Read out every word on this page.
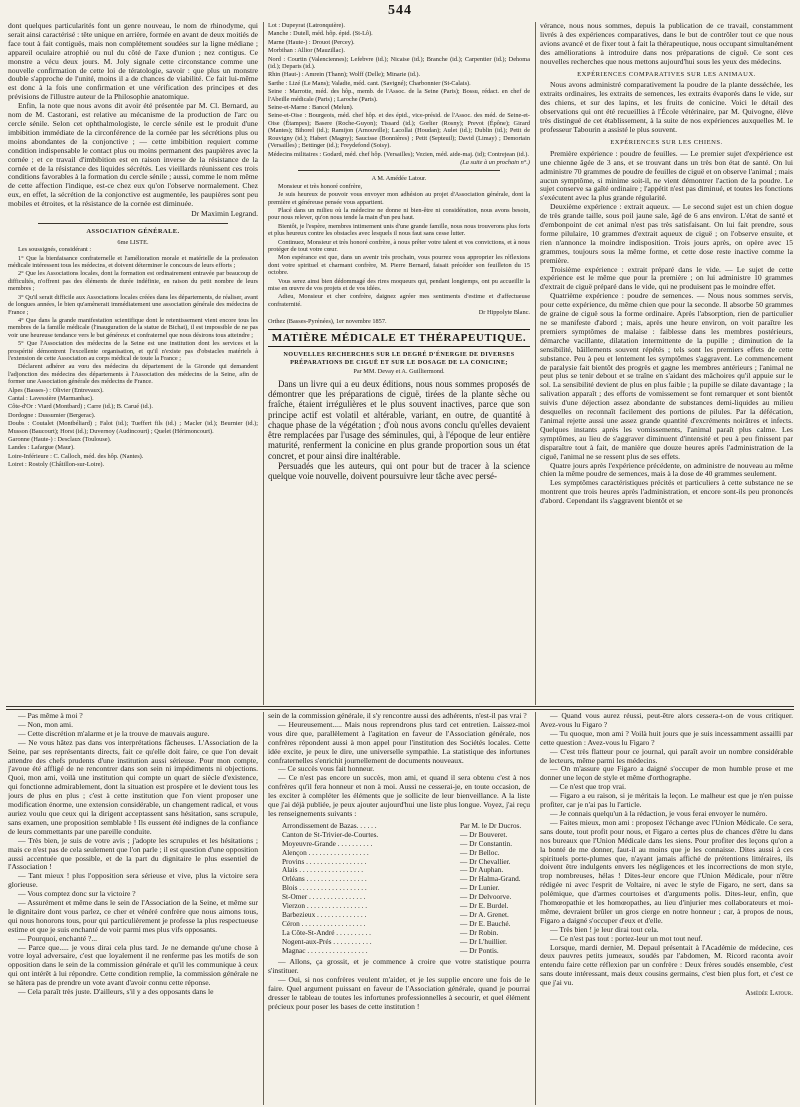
544

dont quelques particularités font un genre nouveau, le nom de rhinodyme, qui serait ainsi caractérisé : tête unique en arrière, formée en avant de deux moitiés de face tout à fait contiguës, mais non complétement soudées sur la ligne médiane ; appareil oculaire atrophié ou nul du côté de l'axe d'union ; nez contigus. Ce monstre a vécu deux jours. M. Joly signale cette circonstance comme une nouvelle confirmation de cette loi de tératologie, savoir : que plus un monstre double s'approche de l'unité, moins il a de chances de viabilité. Ce fait lui-même est donc à la fois une confirmation et une vérification des principes et des prévisions de l'illustre auteur de la Philosophie anatomique.

Enfin, la note que nous avons dit avoir été présentée par M. Cl. Bernard, au nom de M. Castorani, est relative au mécanisme de la production de l'arc ou cercle sénile. Selon cet ophthalmologiste, le cercle sénile est le produit d'une imbibition immédiate de la circonférence de la cornée par les sécrétions plus ou moins abondantes de la conjonctive ; — cette imbibition requiert comme condition indispensable le contact plus ou moins permanent des paupières avec la cornée ; et ce travail d'imbibition est en raison inverse de la résistance de la cornée et de la résistance des liquides sécrétés. Les vieillards réunissent ces trois conditions favorables à la formation du cercle sénile ; aussi, comme le nom même de cette affection l'indique, est-ce chez eux qu'on l'observe normalement. Chez eux, en effet, la sécrétion de la conjonctive est augmentée, les paupières sont peu mobiles et étroites, et la résistance de la cornée est diminuée.

Dr Maximin Legrand.

ASSOCIATION GÉNÉRALE.

6me LISTE.

Les soussignés, considérant :

1° Que la bienfaisance confraternelle et l'amélioration morale et matérielle de la profession médicale intéressent tous les médecins, et doivent déterminer le concours de leurs efforts ;

2° Que les Associations locales, dont la formation est ordinairement entravée par beaucoup de difficultés, n'offrent pas des éléments de durée indéfinie, en raison du petit nombre de leurs membres ;

3° Qu'il serait difficile aux Associations locales créées dans les départements, de réaliser, avant de longues années, le bien qu'amènerait immédiatement une association générale des médecins de France ;

4° Que dans la grande manifestation scientifique dont le retentissement vient encore tous les membres de la famille médicale (l'inauguration de la statue de Bichat), il est impossible de ne pas voir une heureuse tendance vers le but généreux et confraternel que nous désirons tous atteindre ;

5° Que l'Association des médecins de la Seine est une institution dont les services et la prospérité démontrent l'excellente organisation, et qu'il n'existe pas d'obstacles matériels à l'extension de cette Association au corps médical de toute la France ;

Déclarent adhérer au vœu des médecins du département de la Gironde qui demandent l'adjonction des médecins des départements à l'Association des médecins de la Seine, afin de former une Association générale des médecins de France.

Alpes (Basses-) : Olivier (Entrevaux).

Cantal : Lavessière (Marmanhac).

Côte-d'Or : Viard (Montbard) ; Carre (id.); B. Carué (id.).

Dordogne : Dussumier (Bergerac).

Doubs : Coutalet (Montbéliard) ; Falot (id.); Tueffert fils (id.) ; Macler (id.); Beurnier (id.); Musson (Baucourt); Horst (id.); Duvernoy (Audincourt) ; Quelet (Hérimoncourt).

Garonne (Haute-) : Desclaux (Toulouse).

Landes : Lafargue (Maur).

Loire-Inférieure : C. Calloch, méd. des hôp. (Nantes).

Loiret : Rostoly (Châtillon-sur-Loire).

Lot : Dupeyrat (Latronquière).

Manche : Dutell, méd. hôp. épid. (St-Lô).

Marne (Haute-) : Drouot (Percey).

Morbihan : Allior (Mauzillac).

Nord : Courtin (Valenciennes); Lefebvre (id.); Nicaise (id.); Branche (id.); Carpentier (id.); Dehoma (id.); Deparis (id.).

Rhin (Haut-) : Amrein (Thann); Wolff (Delle); Minarie (id.).

Sarthe : Lizé (Le Mans); Valadie, méd. cant. (Savigné); Charbonnier (St-Calais).

Seine : Marrotte, méd. des hôp., memb. de l'Assoc. de la Seine (Paris); Bossu, rédact. en chef de l'Abeille médicale (Paris) ; Laroche (Paris).

Seine-et-Marne : Bancel (Melun).

Seine-et-Oise : Bourgeois, méd. chef hôp. et des épid., vice-présid. de l'Assoc. des méd. de Seine-et-Oise (Étampes); Basere (Roche-Guyon); Tissard (id.); Gorlier (Rosny); Prevot (Épône); Girard (Mantes); Bihorel (id.); Ramijon (Arnouville); Lacollai (Houdan); Aulet (id.); Dublin (id.); Petit de Rouvigny (id.); Habert (Magny); Saucisse (Bonnières) ; Petit (Septeuil); David (Limay) ; Demortain (Versailles) ; Bettinger (id.); Freydefond (Soisy).

Médecins militaires : Godard, méd. chef hôp. (Versailles); Vezien, méd. aide-maj. (id); Contrejean (id.).

(La suite à un prochain n°.)

A M. Amédée Latour.

Monsieur et très honoré confrère,

Je suis heureux de pouvoir vous envoyer mon adhésion au projet d'Association générale, dont la première et généreuse pensée vous appartient.

Placé dans un milieu où la médecine ne donne ni bien-être ni considération, nous avons besoin, pour nous relever, qu'on nous tende la main d'un peu haut.

Bientôt, je l'espère, membres intimement unis d'une grande famille, nous nous trouverons plus forts et plus heureux contre les obstacles avec lesquels il nous faut sans cesse lutter.

Continuez, Monsieur et très honoré confrère, à nous prêter votre talent et vos convictions, et à nous protéger de tout votre cœur.

Mon espérance est que, dans un avenir très prochain, vous pourrez vous approprier les réflexions dont votre spirituel et charmant confrère, M. Pierre Bernard, faisait précéder son feuilleton du 15 octobre.

Vous serez ainsi bien dédommagé des rires moqueurs qui, pendant longtemps, ont pu accueillir la mise en œuvre de vos projets et de vos idées.

Adieu, Monsieur et cher confrère, daignez agréer mes sentiments d'estime et d'affectueuse confraternité.

Dr Hippolyte Blanc.

Orthez (Basses-Pyrénées), 1er novembre 1857.

MATIÈRE MÉDICALE ET THÉRAPEUTIQUE.

NOUVELLES RECHERCHES SUR LE DEGRÉ D'ÉNERGIE DE DIVERSES PRÉPARATIONS DE CIGUË ET SUR LE DOSAGE DE LA CONICINE;

Par MM. Devay et A. Guilliermond.

Dans un livre qui a eu deux éditions, nous nous sommes proposés de démontrer que les préparations de ciguë, tirées de la plante sèche ou fraîche, étaient irrégulières et le plus souvent inactives, parce que son principe actif est volatil et altérable, variant, en outre, de quantité à chaque phase de la végétation ; d'où nous avons conclu qu'elles devaient être remplacées par l'usage des séminules, qui, à l'époque de leur entière maturité, renferment la conicine en plus grande proportion sous un état concret, et pour ainsi dire inaltérable.

Persuadés que les auteurs, qui ont pour but de tracer à la science quelque voie nouvelle, doivent poursuivre leur tâche avec persé-

vérance, nous nous sommes, depuis la publication de ce travail, constamment livrés à des expériences comparatives, dans le but de contrôler tout ce que nous avions avancé et de fixer tout à fait la thérapeutique, nous occupant simultanément des améliorations à introduire dans nos préparations de ciguë. Ce sont ces nouvelles recherches que nous mettons aujourd'hui sous les yeux des médecins.

EXPÉRIENCES COMPARATIVES SUR LES ANIMAUX.

Nous avons administré comparativement la poudre de la plante desséchée, les extraits ordinaires, les extraits de semences, les extraits évaporés dans le vide, sur des chiens, et sur des lapins, et les fruits de conicine. Voici le détail des observations qui ont été recueillies à l'École vétérinaire, par M. Quivogne, élève très distingué de cet établissement, à la suite de nos expériences auxquelles M. le professeur Tabourin a assisté le plus souvent.

EXPÉRIENCES SUR LES CHIENS.

Première expérience : poudre de feuilles. — Le premier sujet d'expérience est une chienne âgée de 3 ans, et se trouvant dans un très bon état de santé. On lui administre 70 grammes de poudre de feuilles de ciguë et on observe l'animal ; mais aucun symptôme, si minime soit-il, ne vient démontrer l'action de la poudre. Le sujet conserve sa gaîté ordinaire ; l'appétit n'est pas diminué, et toutes les fonctions s'exécutent avec la plus grande régularité.

Deuxième expérience : extrait aqueux. — Le second sujet est un chien dogue de très grande taille, sous poil jaune sale, âgé de 6 ans environ. L'état de santé et d'embonpoint de cet animal n'est pas très satisfaisant. On lui fait prendre, sous forme pilulaire, 10 grammes d'extrait aqueux de ciguë ; on l'observe ensuite, et rien n'annonce la moindre indisposition. Trois jours après, on opère avec 15 grammes, toujours sous la même forme, et cette dose reste inactive comme la première.

Troisième expérience : extrait préparé dans le vide. — Le sujet de cette expérience est le même que pour la première ; on lui administre 10 grammes d'extrait de ciguë préparé dans le vide, qui ne produisent pas le moindre effet.

Quatrième expérience : poudre de semences. — Nous nous sommes servis, pour cette expérience, du même chien que pour la seconde. Il absorbe 50 grammes de graine de ciguë sous la forme ordinaire. Après l'absorption, rien de particulier ne se manifeste d'abord ; mais, après une heure environ, on voit paraître les premiers symptômes de malaise : faiblesse dans les membres postérieurs, démarche vacillante, dilatation intermittente de la pupille ; diminution de la sensibilité, bâillements souvent répétés ; tels sont les premiers effets de cette substance. Peu à peu et lentement les symptômes s'aggravent. Le commencement de paralysie fait bientôt des progrès et gagne les membres antérieurs ; l'animal ne peut plus se tenir debout et se traîne en s'aidant des mâchoires qu'il appuie sur le sol. La sensibilité devient de plus en plus faible ; la pupille se dilate davantage ; la salivation apparaît ; des efforts de vomissement se font remarquer et sont bientôt suivis d'une déjection assez abondante de substances demi-liquides au milieu desquelles on reconnaît facilement des portions de pilules. Par la défécation, l'animal rejette aussi une assez grande quantité d'excréments noirâtres et infects. Quelques instants après les vomissements, l'animal paraît plus calme. Les symptômes, au lieu de s'aggraver diminuent d'intensité et peu à peu finissent par disparaître tout à fait, de manière que douze heures après l'administration de la ciguë, l'animal ne se ressent plus de ses effets.

Quatre jours après l'expérience précédente, on administre de nouveau au même chien la même poudre de semences, mais à la dose de 40 grammes seulement.

Les symptômes caractéristiques précités et particuliers à cette substance ne se montrent que trois heures après l'administration, et encore sont-ils peu prononcés d'abord. Cependant ils s'aggravent bientôt et se

— Pas même à moi ?

— Non, mon ami.

— Cette discrétion m'alarme et je la trouve de mauvais augure.

— Ne vous hâtez pas dans vos interprétations fâcheuses. L'Association de la Seine, par ses représentants directs, fait ce qu'elle doit faire, ce que l'on devait attendre des chefs prudents d'une institution aussi sérieuse. Pour mon compte, j'avoue été affligé de ne rencontrer dans son sein ni impédiments ni objections. Quoi, mon ami, voilà une institution qui compte un quart de siècle d'existence, qui fonctionne admirablement, dont la situation est prospère et le devient tous les jours de plus en plus ; c'est à cette institution que l'on vient proposer une modification énorme, une extension considérable, un changement radical, et vous auriez voulu que ceux qui la dirigent acceptassent sans hésitation, sans scrupule, sans examen, une proposition semblable ! Ils eussent été indignes de la confiance de leurs commettants par une pareille conduite.

— Très bien, je suis de votre avis ; j'adopte les scrupules et les hésitations ; mais ce n'est pas de cela seulement que l'on parle ; il est question d'une opposition aussi accentuée que possible, et de la part du dignitaire le plus essentiel de l'Association !

— Tant mieux ! plus l'opposition sera sérieuse et vive, plus la victoire sera glorieuse.

— Vous comptez donc sur la victoire ?

— Assurément et même dans le sein de l'Association de la Seine, et même sur le dignitaire dont vous parlez, ce cher et vénéré confrère que nous aimons tous, qui nous honorons tous, pour qui particulièrement je professe la plus respectueuse estime et que je suis enchanté de voir parmi mes plus vifs opposants.

— Pourquoi, enchanté ?...

— Parce que..... je vous dirai cela plus tard. Je ne demande qu'une chose à votre loyal adversaire, c'est que loyalement il ne renferme pas les motifs de son opposition dans le sein de la commission générale et qu'il les communique à ceux qui ont intérêt à lui répondre. Cette condition remplie, la commission générale ne se hâtera pas de prendre un vote avant d'avoir connu cette réponse.

— Cela paraît très juste. D'ailleurs, s'il y a des opposants dans le

sein de la commission générale, il s'y rencontre aussi des adhérents, n'est-il pas vrai ?

— Heureusement..... Mais nous reprendrons plus tard cet entretien. Laissez-moi vous dire que, parallèlement à l'agitation en faveur de l'Association générale, nos confrères répondent aussi à mon appel pour l'institution des Sociétés locales. Cette idée excite, je peux le dire, une universelle sympathie. La statistique des infortunes confraternelles s'enrichit journellement de documents nouveaux.

— Ce succès vous fait honneur.

— Ce n'est pas encore un succès, mon ami, et quand il sera obtenu c'est à nos confrères qu'il fera honneur et non à moi. Aussi ne cesserai-je, en toute occasion, de les exciter à compléter les éléments que je sollicite de leur bienveillance. A la liste que j'ai déjà publiée, je peux ajouter aujourd'hui une liste plus longue. Voyez, j'ai reçu les renseignements suivants :

Arrondissement de Bazas. . . . . .	Par M. le Dr Ducros.
Canton de St-Trivier-de-Courtes.	— Dr Bouveret.
Moyeuvre-Grande . . . . . . . . . .	— Dr Constantin.
Alençon . . . . . . . . . . . . . . . . .	— Dr Belloc.
Provins . . . . . . . . . . . . . . . . .	— Dr Chevallier.
Alais . . . . . . . . . . . . . . . . . .	— Dr Auphan.
Orléans . . . . . . . . . . . . . . . . .	— Dr Halma-Grand.
Blois . . . . . . . . . . . . . . . . . . .	— Dr Lunier.
St-Omer . . . . . . . . . . . . . . . .	— Dr Delvoorve.
Vierzon . . . . . . . . . . . . . . . . .	— Dr E. Burdel.
Barbezieux . . . . . . . . . . . . . .	— Dr A. Grenet.
Céron . . . . . . . . . . . . . . . . . .	— Dr E. Bauché.
La Côte-St-André . . . . . . . . . .	— Dr Robin.
Nogent-aux-Prés . . . . . . . . . . .	— Dr L'huillier.
Magnac . . . . . . . . . . . . . . . . .	— Dr Pontis.

— Allons, ça grossit, et je commence à croire que votre statistique pourra s'instituer.

— Oui, si nos confrères veulent m'aider, et je les supplie encore une fois de le faire. Quel argument puissant en faveur de l'Association générale, quand je pourrai dresser le tableau de toutes les infortunes professionnelles à secourir, et quel élément précieux pour poser les bases de cette institution !

— Quand vous aurez réussi, peut-être alors cessera-t-on de vous critiquer. Avez-vous lu Figaro ?

— Tu quoque, mon ami ? Voilà huit jours que je suis incessamment assailli par cette question : Avez-vous lu Figaro ?

— C'est très flatteur pour ce journal, qui paraît avoir un nombre considérable de lecteurs, même parmi les médecins.

— On m'assure que Figaro a daigné s'occuper de mon humble prose et me donner une leçon de style et même d'orthographe.

— Ce n'est que trop vrai.

— Figaro a eu raison, si je méritais la leçon. Le malheur est que je n'en puisse profiter, car je n'ai pas lu l'article.

— Je connais quelqu'un à la rédaction, je vous ferai envoyer le numéro.

— Faites mieux, mon ami : proposez l'échange avec l'Union Médicale. Ce sera, sans doute, tout profit pour nous, et Figaro a certes plus de chances d'être lu dans nos bureaux que l'Union Médicale dans les siens. Pour profiter des leçons qu'on a la bonté de me donner, faut-il au moins que je les connaisse. Dites aussi à ces spirituels porte-plumes que, n'ayant jamais affiché de prétentions littéraires, ils doivent être indulgents envers les négligences et les incorrections de mon style, trop nombreuses, hélas ! Dites-leur encore que l'Union Médicale, pour n'être rédigée ni avec l'esprit de Voltaire, ni avec le style de Figaro, ne sert, dans sa polémique, que d'armes courtoises et d'arguments polis. Dites-leur, enfin, que l'homœopathie et les homœopathes, au lieu d'injurier mes collaborateurs et moi-même, devraient brûler un gros cierge en notre honneur ; car, à propos de nous, Figaro a daigné s'occuper d'eux et d'elle.

— Très bien ! je leur dirai tout cela.

— Ce n'est pas tout : portez-leur un mot tout neuf.

Lorsque, mardi dernier, M. Depaul présentait à l'Académie de médecine, ces deux pauvres petits jumeaux, soudés par l'abdomen, M. Ricord raconta avoir entendu faire cette réflexion par un confrère : Deux frères soudés ensemble, c'est sans doute intéressant, mais deux cousins germains, c'est bien plus fort, et c'est ce que j'ai vu.

Amédée Latour.
